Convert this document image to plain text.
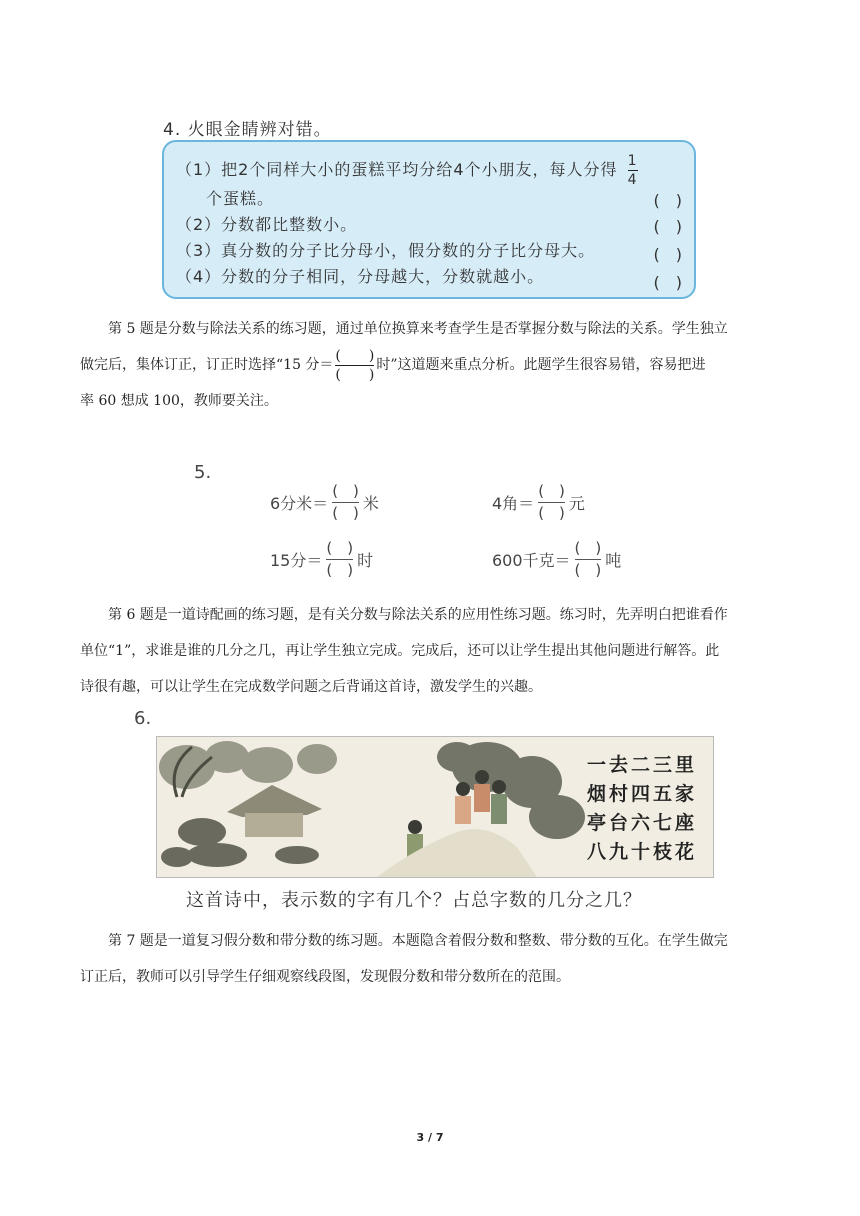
4. 火眼金睛辨对错。
（1）把2个同样大小的蛋糕平均分给4个小朋友，每人分得 $\frac{1}{4}$
个蛋糕。	(　)
（2）分数都比整数小。	(　)
（3）真分数的分子比分母小，假分数的分子比分母大。	(　)
（4）分数的分子相同，分母越大，分数就越小。	(　)
第 5 题是分数与除法关系的练习题，通过单位换算来考查学生是否掌握分数与除法的关系。学生独立
做完后，集体订正，订正时选择“15 分＝ $\frac{( )}{( )}$ 时”这道题来重点分析。此题学生很容易错，容易把进
率 60 想成 100，教师要关注。
5.
6分米＝
(　)
(　) 米	4角＝
(　)
(　) 元
15分＝
(　)
(　) 时	600千克＝
(　)
(　) 吨
第 6 题是一道诗配画的练习题，是有关分数与除法关系的应用性练习题。练习时，先弄明白把谁看作
单位“1”，求谁是谁的几分之几，再让学生独立完成。完成后，还可以让学生提出其他问题进行解答。此
诗很有趣，可以让学生在完成数学问题之后背诵这首诗，激发学生的兴趣。
6.
一去二三里
烟村四五家
亭台六七座
八九十枝花
这首诗中，表示数的字有几个？占总字数的几分之几？
第 7 题是一道复习假分数和带分数的练习题。本题隐含着假分数和整数、带分数的互化。在学生做完
订正后，教师可以引导学生仔细观察线段图，发现假分数和带分数所在的范围。
3 / 7
